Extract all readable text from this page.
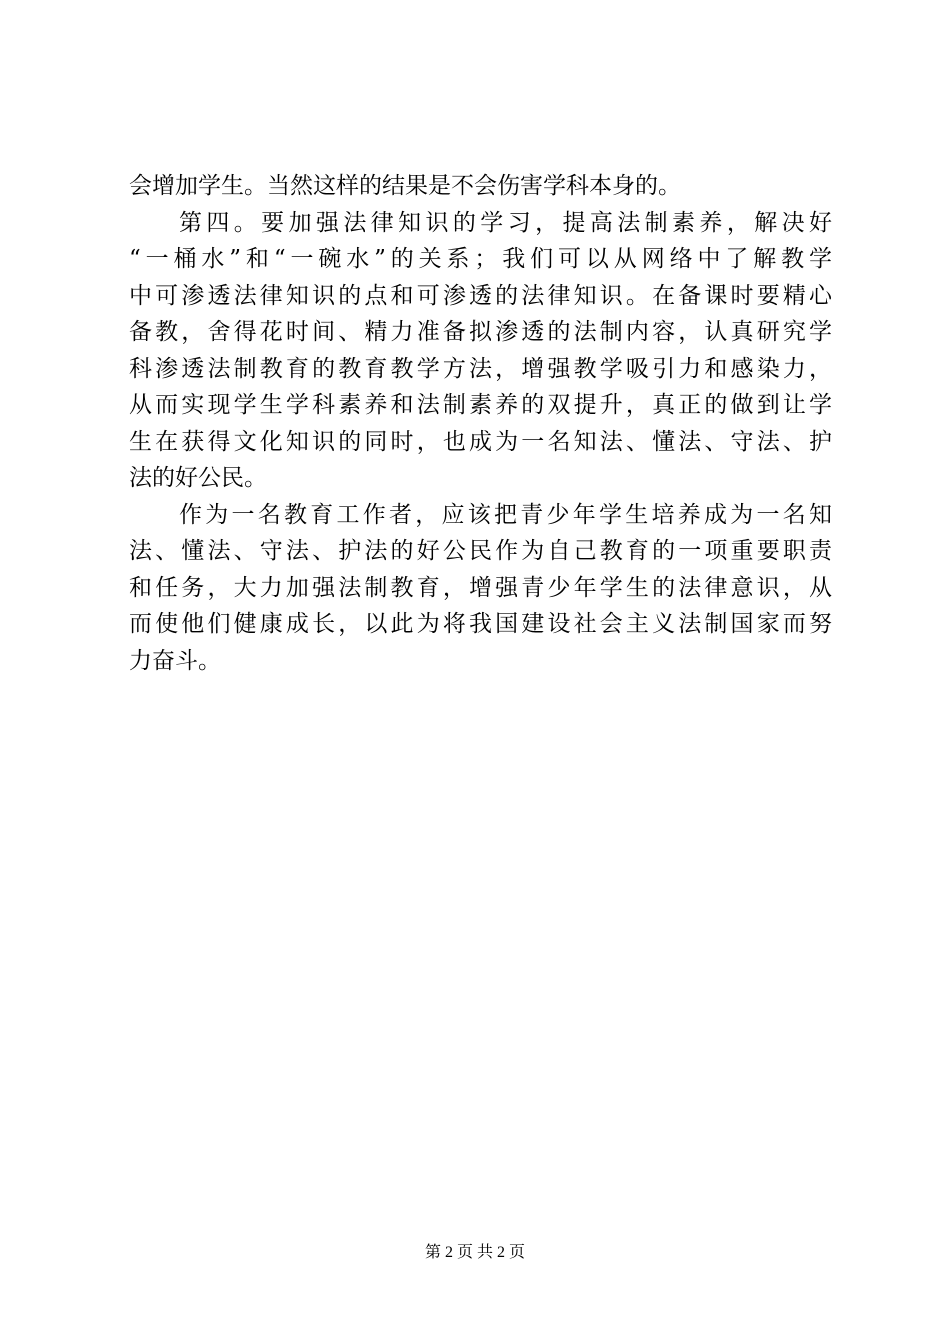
会增加学生。当然这样的结果是不会伤害学科本身的。
第四。要加强法律知识的学习，提高法制素养，解决好
“一桶水”和“一碗水”的关系；我们可以从网络中了解教学
中可渗透法律知识的点和可渗透的法律知识。在备课时要精心
备教，舍得花时间、精力准备拟渗透的法制内容，认真研究学
科渗透法制教育的教育教学方法，增强教学吸引力和感染力，
从而实现学生学科素养和法制素养的双提升，真正的做到让学
生在获得文化知识的同时，也成为一名知法、懂法、守法、护
法的好公民。
作为一名教育工作者，应该把青少年学生培养成为一名知
法、懂法、守法、护法的好公民作为自己教育的一项重要职责
和任务，大力加强法制教育，增强青少年学生的法律意识，从
而使他们健康成长，以此为将我国建设社会主义法制国家而努
力奋斗。
第 2 页 共 2 页
